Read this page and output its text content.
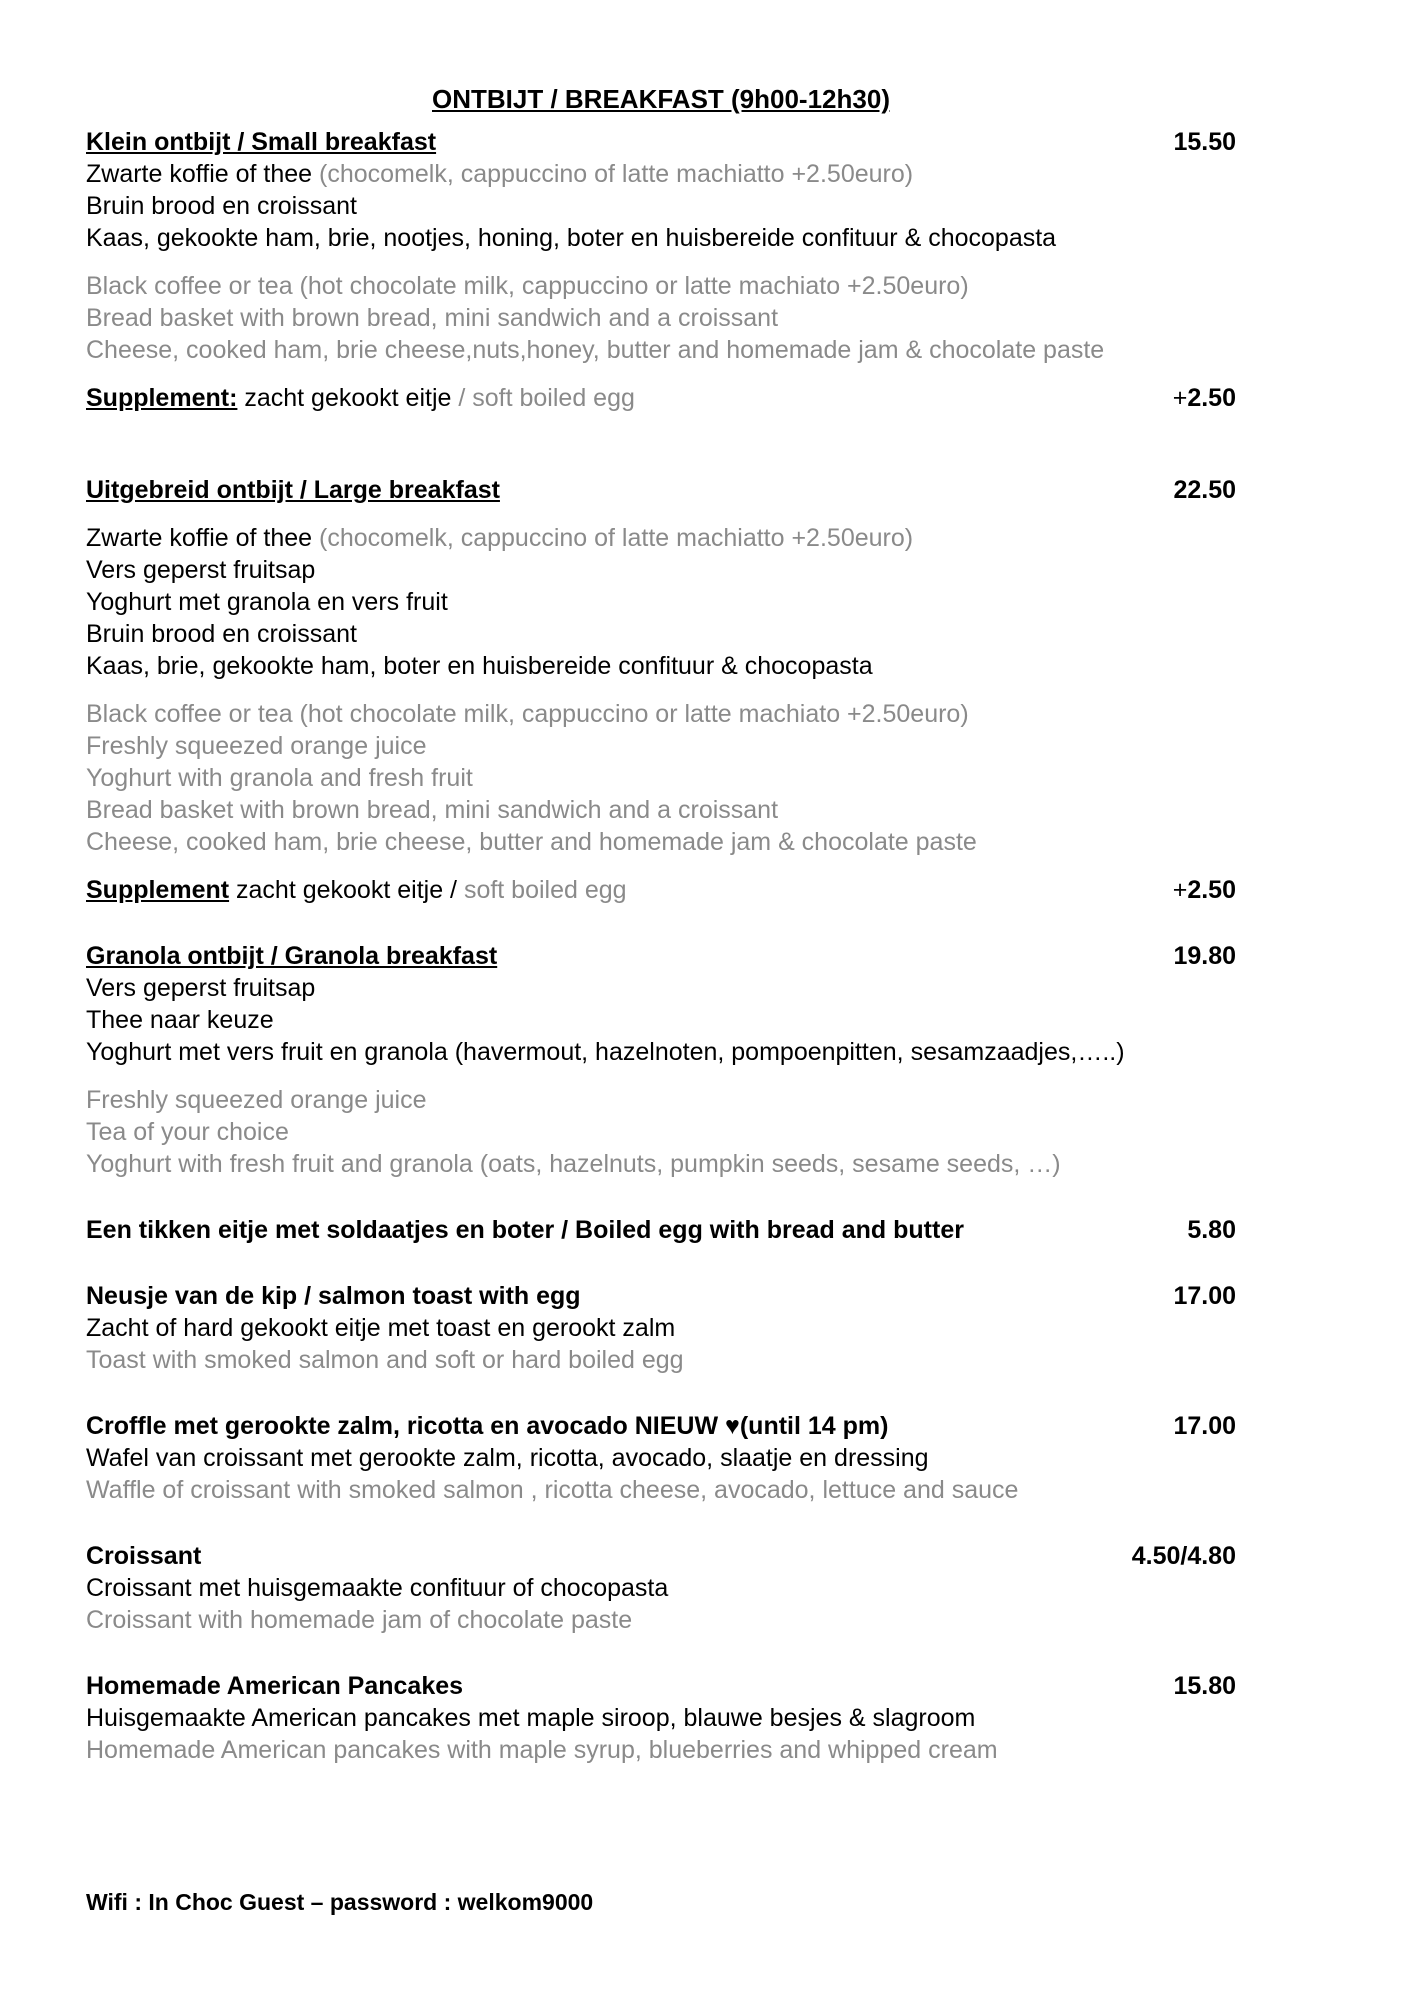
ONTBIJT / BREAKFAST (9h00-12h30)
Klein ontbijt / Small breakfast	15.50
Zwarte koffie of thee (chocomelk, cappuccino of latte machiatto +2.50euro)
Bruin brood en croissant
Kaas, gekookte ham, brie, nootjes, honing, boter en huisbereide confituur & chocopasta
Black coffee or tea (hot chocolate milk, cappuccino or latte machiato +2.50euro)
Bread basket with brown bread, mini sandwich and a croissant
Cheese, cooked ham, brie cheese,nuts,honey, butter and homemade jam & chocolate paste
Supplement: zacht gekookt eitje / soft boiled egg	+2.50
Uitgebreid ontbijt / Large breakfast	22.50
Zwarte koffie of thee (chocomelk, cappuccino of latte machiatto +2.50euro)
Vers geperst fruitsap
Yoghurt met granola en vers fruit
Bruin brood en croissant
Kaas, brie, gekookte ham, boter en huisbereide confituur & chocopasta
Black coffee or tea (hot chocolate milk, cappuccino or latte machiato +2.50euro)
Freshly squeezed orange juice
Yoghurt with granola and fresh fruit
Bread basket with brown bread, mini sandwich and a croissant
Cheese, cooked ham, brie cheese, butter and homemade jam & chocolate paste
Supplement zacht gekookt eitje / soft boiled egg	+2.50
Granola ontbijt / Granola breakfast	19.80
Vers geperst fruitsap
Thee naar keuze
Yoghurt met vers fruit en granola (havermout, hazelnoten, pompoenpitten, sesamzaadjes,…..)
Freshly squeezed orange juice
Tea of your choice
Yoghurt with fresh fruit and granola (oats, hazelnuts, pumpkin seeds, sesame seeds, …)
Een tikken eitje met soldaatjes en boter / Boiled egg with bread and butter	5.80
Neusje van de kip / salmon toast with egg	17.00
Zacht of hard gekookt eitje met toast en gerookt zalm
Toast with smoked salmon and soft or hard boiled egg
Croffle met gerookte zalm, ricotta en avocado NIEUW ♥(until 14 pm)	17.00
Wafel van croissant met gerookte zalm, ricotta, avocado, slaatje en dressing
Waffle of croissant with smoked salmon , ricotta cheese, avocado, lettuce and sauce
Croissant	4.50/4.80
Croissant met huisgemaakte confituur of chocopasta
Croissant with homemade jam of chocolate paste
Homemade American Pancakes	15.80
Huisgemaakte American pancakes met maple siroop, blauwe besjes & slagroom
Homemade American pancakes with maple syrup, blueberries and whipped cream
Wifi : In Choc Guest – password : welkom9000
